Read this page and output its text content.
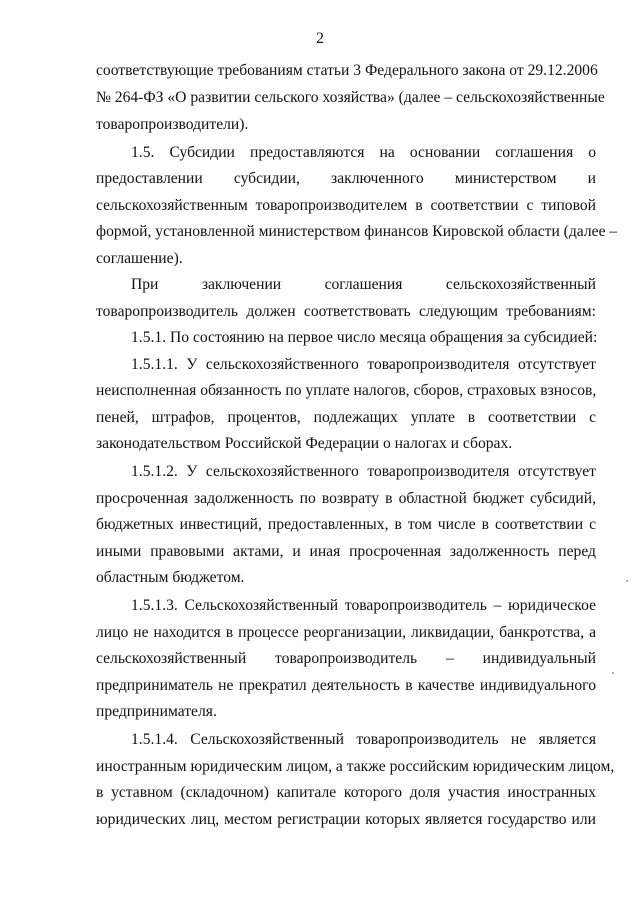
2
соответствующие требованиям статьи 3 Федерального закона от 29.12.2006
№ 264-ФЗ «О развитии сельского хозяйства» (далее – сельскохозяйственные
товаропроизводители).
1.5. Субсидии предоставляются на основании соглашения о
предоставлении субсидии, заключенного министерством и
сельскохозяйственным товаропроизводителем в соответствии с типовой
формой, установленной министерством финансов Кировской области (далее –
соглашение).
При заключении соглашения сельскохозяйственный
товаропроизводитель должен соответствовать следующим требованиям:
1.5.1. По состоянию на первое число месяца обращения за субсидией:
1.5.1.1. У сельскохозяйственного товаропроизводителя отсутствует
неисполненная обязанность по уплате налогов, сборов, страховых взносов,
пеней, штрафов, процентов, подлежащих уплате в соответствии с
законодательством Российской Федерации о налогах и сборах.
1.5.1.2. У сельскохозяйственного товаропроизводителя отсутствует
просроченная задолженность по возврату в областной бюджет субсидий,
бюджетных инвестиций, предоставленных, в том числе в соответствии с
иными правовыми актами, и иная просроченная задолженность перед
областным бюджетом.
1.5.1.3. Сельскохозяйственный товаропроизводитель – юридическое
лицо не находится в процессе реорганизации, ликвидации, банкротства, а
сельскохозяйственный товаропроизводитель – индивидуальный
предприниматель не прекратил деятельность в качестве индивидуального
предпринимателя.
1.5.1.4. Сельскохозяйственный товаропроизводитель не является
иностранным юридическим лицом, а также российским юридическим лицом,
в уставном (складочном) капитале которого доля участия иностранных
юридических лиц, местом регистрации которых является государство или
